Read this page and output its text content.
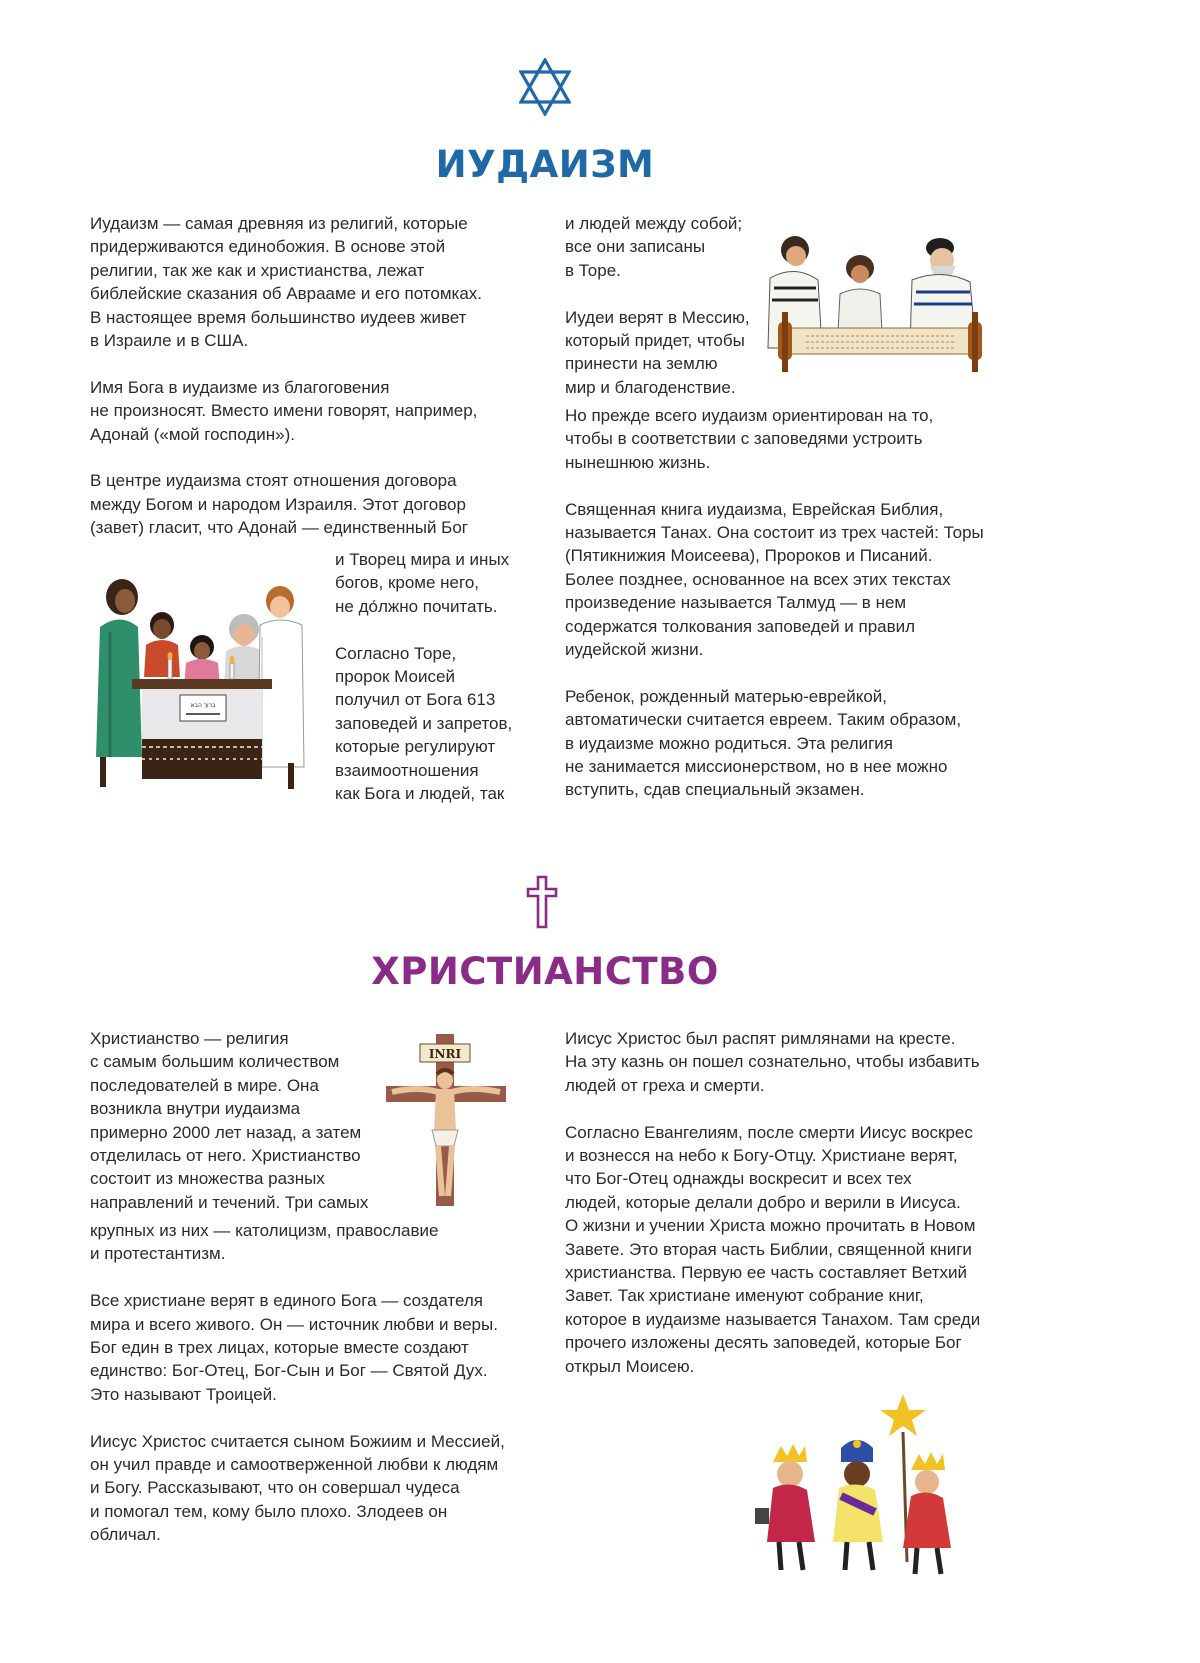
ИУДАИЗМ
Иудаизм — самая древняя из религий, которые
придерживаются единобожия. В основе этой
религии, так же как и христианства, лежат
библейские сказания об Аврааме и его потомках.
В настоящее время большинство иудеев живет
в Израиле и в США.
Имя Бога в иудаизме из благоговения
не произносят. Вместо имени говорят, например,
Адонай («мой господин»).
В центре иудаизма стоят отношения договора
между Богом и народом Израиля. Этот договор
(завет) гласит, что Адонай — единственный Бог
и Творец мира и иных
богов, кроме него,
не до́лжно почитать.
Согласно Торе,
пророк Моисей
получил от Бога 613
заповедей и запретов,
которые регулируют
взаимоотношения
как Бога и людей, так
и людей между собой;
все они записаны
в Торе.
Иудеи верят в Мессию,
который придет, чтобы
принести на землю
мир и благоденствие.
Но прежде всего иудаизм ориентирован на то,
чтобы в соответствии с заповедями устроить
нынешнюю жизнь.
Священная книга иудаизма, Еврейская Библия,
называется Танах. Она состоит из трех частей: Торы
(Пятикнижия Моисеева), Пророков и Писаний.
Более позднее, основанное на всех этих текстах
произведение называется Талмуд — в нем
содержатся толкования заповедей и правил
иудейской жизни.
Ребенок, рожденный матерью-еврейкой,
автоматически считается евреем. Таким образом,
в иудаизме можно родиться. Эта религия
не занимается миссионерством, но в нее можно
вступить, сдав специальный экзамен.
ברוך הבא
ХРИСТИАНСТВО
Христианство — религия
с самым большим количеством
последователей в мире. Она
возникла внутри иудаизма
примерно 2000 лет назад, а затем
отделилась от него. Христианство
состоит из множества разных
направлений и течений. Три самых
крупных из них — католицизм, православие
и протестантизм.
Все христиане верят в единого Бога — создателя
мира и всего живого. Он — источник любви и веры.
Бог един в трех лицах, которые вместе создают
единство: Бог-Отец, Бог-Сын и Бог — Святой Дух.
Это называют Троицей.
Иисус Христос считается сыном Божиим и Мессией,
он учил правде и самоотверженной любви к людям
и Богу. Рассказывают, что он совершал чудеса
и помогал тем, кому было плохо. Злодеев он
обличал.
Иисус Христос был распят римлянами на кресте.
На эту казнь он пошел сознательно, чтобы избавить
людей от греха и смерти.
Согласно Евангелиям, после смерти Иисус воскрес
и вознесся на небо к Богу-Отцу. Христиане верят,
что Бог-Отец однажды воскресит и всех тех
людей, которые делали добро и верили в Иисуса.
О жизни и учении Христа можно прочитать в Новом
Завете. Это вторая часть Библии, священной книги
христианства. Первую ее часть составляет Ветхий
Завет. Так христиане именуют собрание книг,
которое в иудаизме называется Танахом. Там среди
прочего изложены десять заповедей, которые Бог
открыл Моисею.
INRI
